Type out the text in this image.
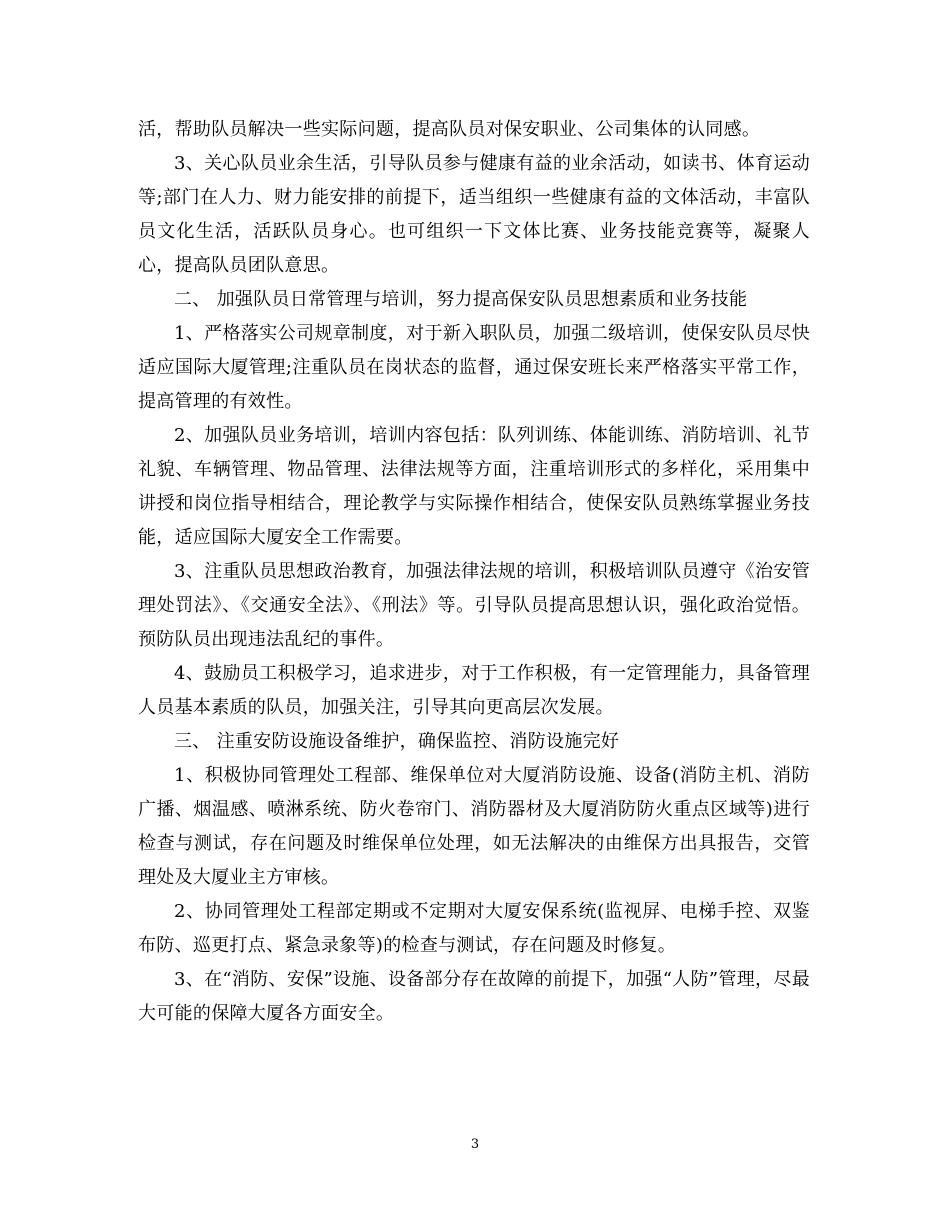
活，帮助队员解决一些实际问题，提高队员对保安职业、公司集体的认同感。

3、关心队员业余生活，引导队员参与健康有益的业余活动，如读书、体育运动等;部门在人力、财力能安排的前提下，适当组织一些健康有益的文体活动，丰富队员文化生活，活跃队员身心。也可组织一下文体比赛、业务技能竞赛等，凝聚人心，提高队员团队意思。

二、 加强队员日常管理与培训，努力提高保安队员思想素质和业务技能

1、严格落实公司规章制度，对于新入职队员，加强二级培训，使保安队员尽快适应国际大厦管理;注重队员在岗状态的监督，通过保安班长来严格落实平常工作，提高管理的有效性。

2、加强队员业务培训，培训内容包括：队列训练、体能训练、消防培训、礼节礼貌、车辆管理、物品管理、法律法规等方面，注重培训形式的多样化，采用集中讲授和岗位指导相结合，理论教学与实际操作相结合，使保安队员熟练掌握业务技能，适应国际大厦安全工作需要。

3、注重队员思想政治教育，加强法律法规的培训，积极培训队员遵守《治安管理处罚法》、《交通安全法》、《刑法》等。引导队员提高思想认识，强化政治觉悟。预防队员出现违法乱纪的事件。

4、鼓励员工积极学习，追求进步，对于工作积极，有一定管理能力，具备管理人员基本素质的队员，加强关注，引导其向更高层次发展。

三、 注重安防设施设备维护，确保监控、消防设施完好

1、积极协同管理处工程部、维保单位对大厦消防设施、设备(消防主机、消防广播、烟温感、喷淋系统、防火卷帘门、消防器材及大厦消防防火重点区域等)进行检查与测试，存在问题及时维保单位处理，如无法解决的由维保方出具报告，交管理处及大厦业主方审核。

2、协同管理处工程部定期或不定期对大厦安保系统(监视屏、电梯手控、双鉴布防、巡更打点、紧急录象等)的检查与测试，存在问题及时修复。

3、在“消防、安保”设施、设备部分存在故障的前提下，加强“人防”管理，尽最大可能的保障大厦各方面安全。

3
